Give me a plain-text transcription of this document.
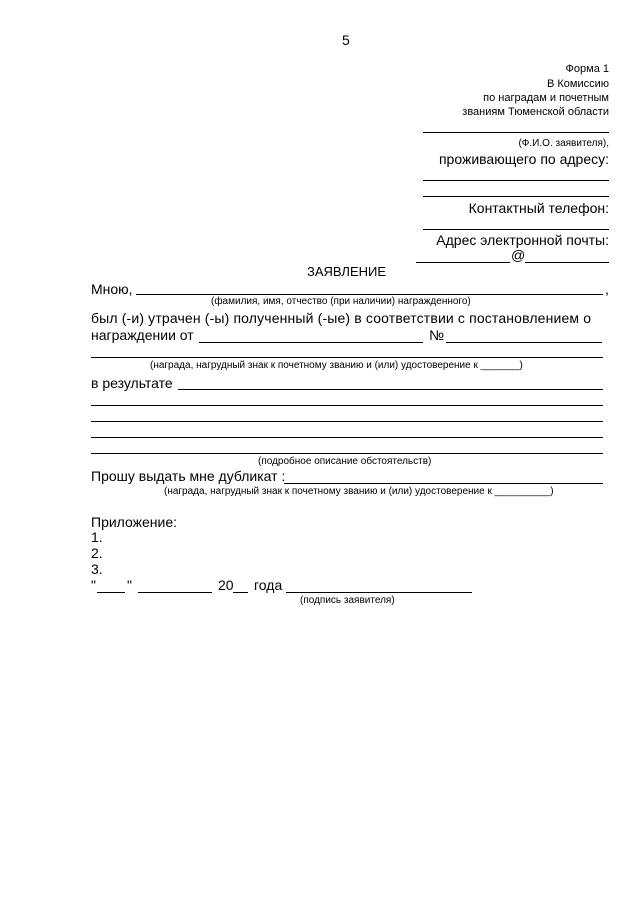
5
Форма 1
В Комиссию
по наградам и почетным
званиям Тюменской области
(Ф.И.О. заявителя),
проживающего по адресу:
Контактный телефон:
Адрес электронной почты:
@
ЗАЯВЛЕНИЕ
Мною,	,
(фамилия, имя, отчество (при наличии) награжденного)
был (-и) утрачен (-ы) полученный (-ые) в соответствии с постановлением о
награждении от	№
(награда, нагрудный знак к почетному званию и (или) удостоверение к _______)
в результате
(подробное описание обстоятельств)
Прошу выдать мне дубликат :
(награда, нагрудный знак к почетному званию и (или) удостоверение к __________)
Приложение:
1.
2.
3.
" "	20 года
(подпись заявителя)
